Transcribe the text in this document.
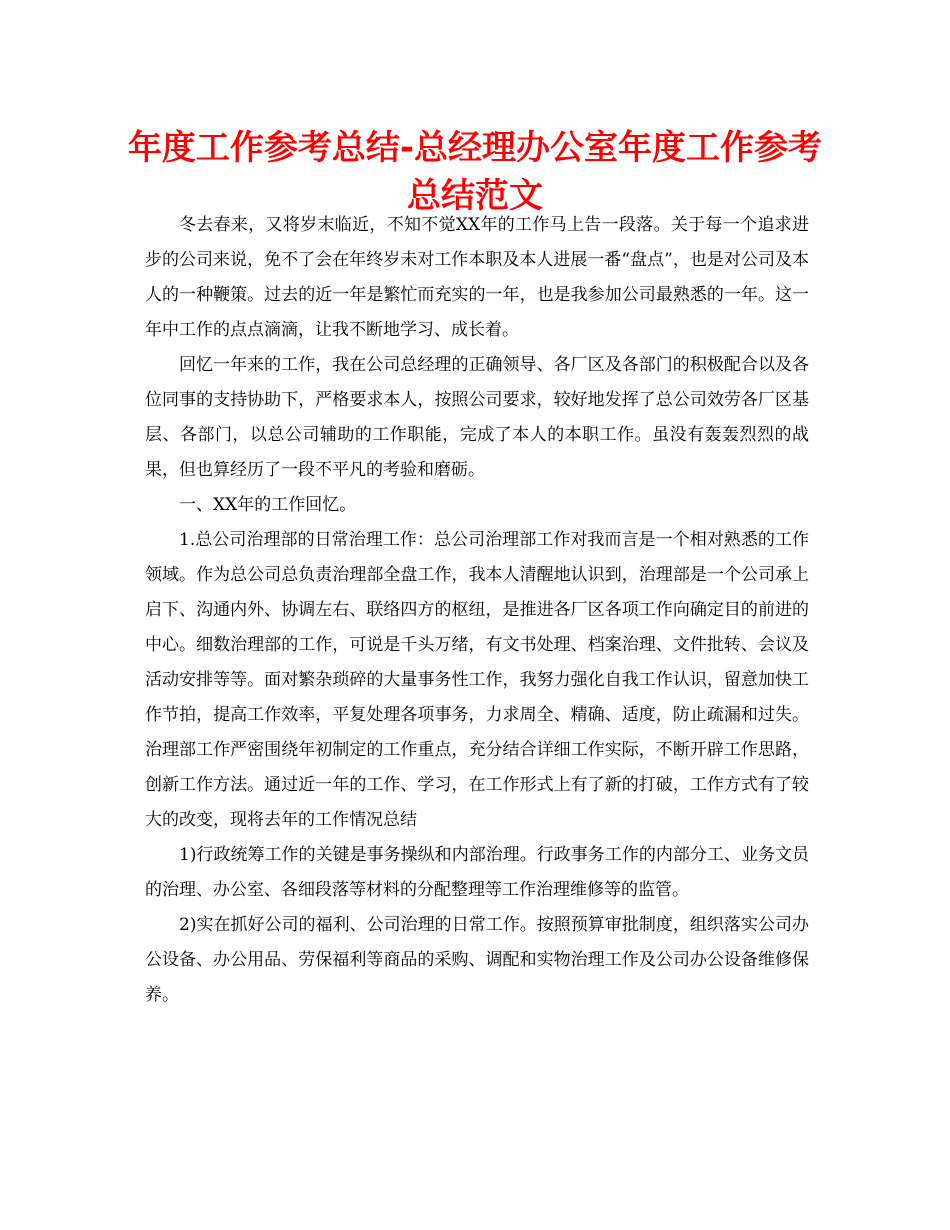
年度工作参考总结-总经理办公室年度工作参考
总结范文

冬去春来，又将岁末临近，不知不觉XX年的工作马上告一段落。关于每一个追求进步的公司来说，免不了会在年终岁未对工作本职及本人进展一番“盘点”，也是对公司及本人的一种鞭策。过去的近一年是繁忙而充实的一年，也是我参加公司最熟悉的一年。这一年中工作的点点滴滴，让我不断地学习、成长着。

回忆一年来的工作，我在公司总经理的正确领导、各厂区及各部门的积极配合以及各位同事的支持协助下，严格要求本人，按照公司要求，较好地发挥了总公司效劳各厂区基层、各部门，以总公司辅助的工作职能，完成了本人的本职工作。虽没有轰轰烈烈的战果，但也算经历了一段不平凡的考验和磨砺。

一、XX年的工作回忆。

1.总公司治理部的日常治理工作：总公司治理部工作对我而言是一个相对熟悉的工作领域。作为总公司总负责治理部全盘工作，我本人清醒地认识到，治理部是一个公司承上启下、沟通内外、协调左右、联络四方的枢纽，是推进各厂区各项工作向确定目的前进的中心。细数治理部的工作，可说是千头万绪，有文书处理、档案治理、文件批转、会议及活动安排等等。面对繁杂琐碎的大量事务性工作，我努力强化自我工作认识，留意加快工作节拍，提高工作效率，平复处理各项事务，力求周全、精确、适度，防止疏漏和过失。治理部工作严密围绕年初制定的工作重点，充分结合详细工作实际，不断开辟工作思路，创新工作方法。通过近一年的工作、学习，在工作形式上有了新的打破，工作方式有了较大的改变，现将去年的工作情况总结

1)行政统筹工作的关键是事务操纵和内部治理。行政事务工作的内部分工、业务文员的治理、办公室、各细段落等材料的分配整理等工作治理维修等的监管。

2)实在抓好公司的福利、公司治理的日常工作。按照预算审批制度，组织落实公司办公设备、办公用品、劳保福利等商品的采购、调配和实物治理工作及公司办公设备维修保养。
